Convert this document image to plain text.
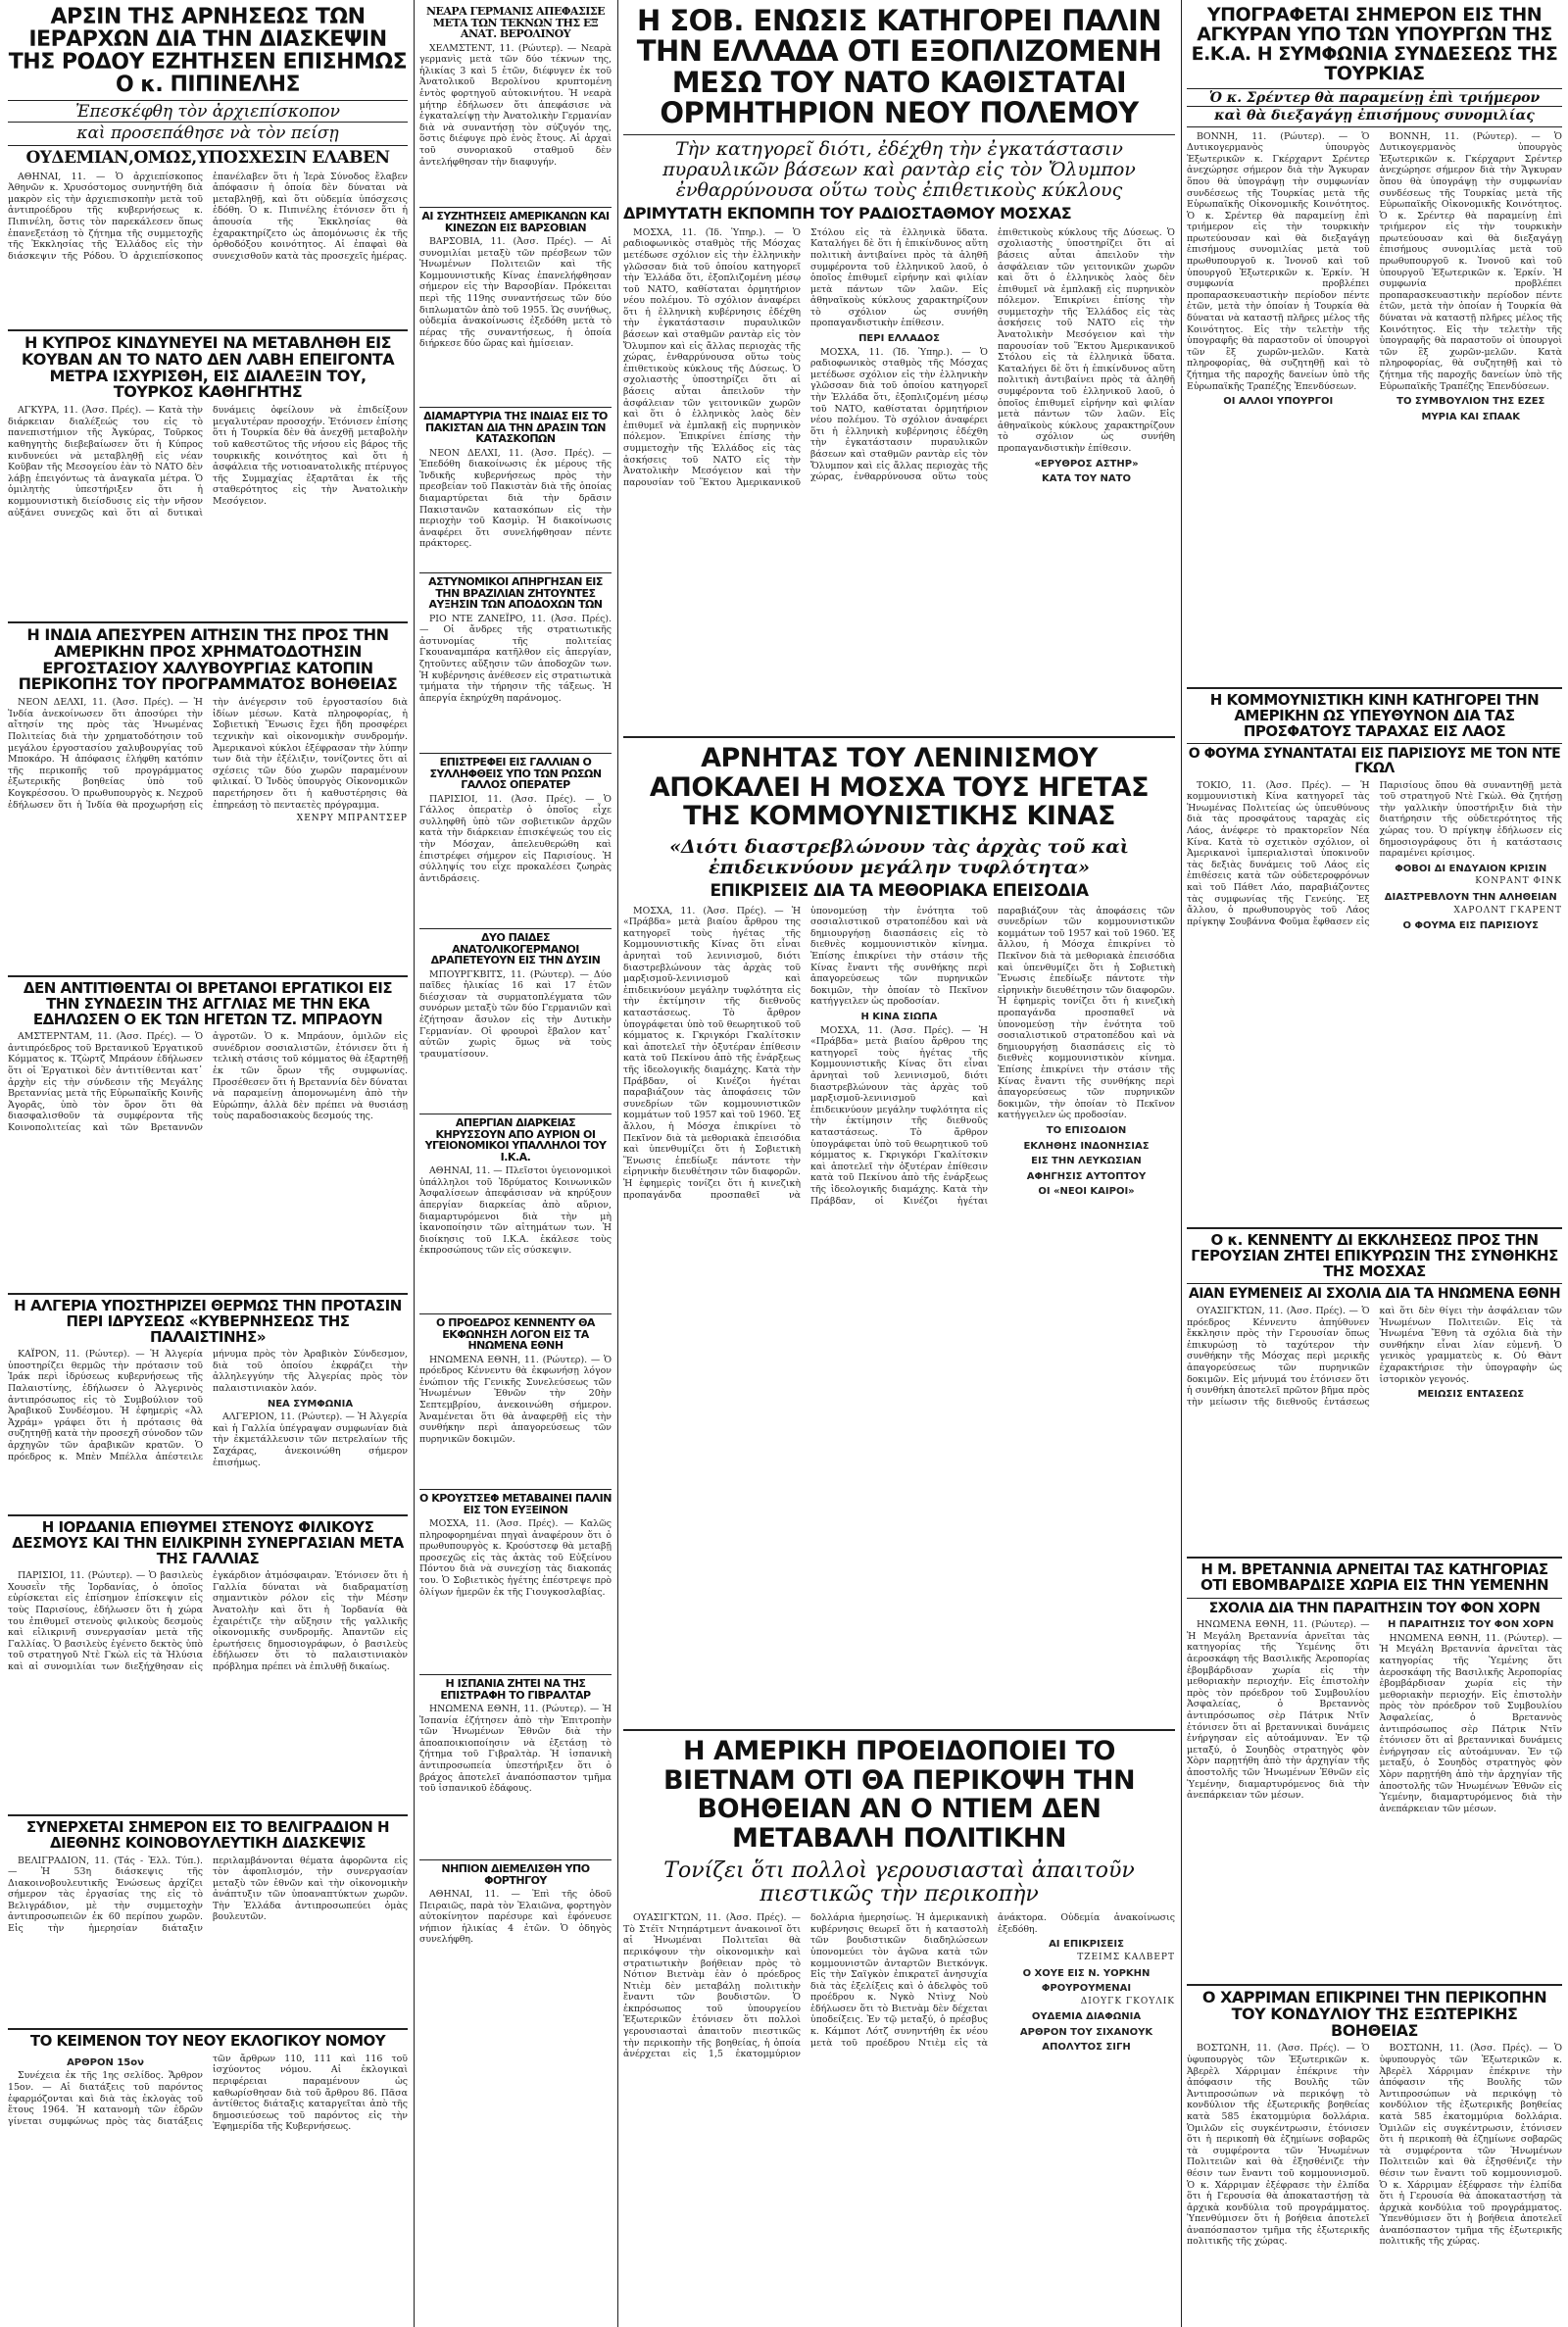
ΑΡΣΙΝ ΤΗΣ ΑΡΝΗΣΕΩΣ ΤΩΝ ΙΕΡΑΡΧΩΝ ΔΙΑ ΤΗΝ ΔΙΑΣΚΕΨΙΝ ΤΗΣ ΡΟΔΟΥ ΕΖΗΤΗΣΕΝ ΕΠΙΣΗΜΩΣ Ο κ. ΠΙΠΙΝΕΛΗΣ
Ἐπεσκέφθη τὸν ἀρχιεπίσκοπον
καὶ προσεπάθησε νὰ τὸν πείσῃ
ΟΥΔΕΜΙΑΝ,ΟΜΩΣ,ΥΠΟΣΧΕΣΙΝ ΕΛΑΒΕΝ

ΑΘΗΝΑΙ, 11. — Ὁ ἀρχιεπίσκοπος Ἀθηνῶν κ. Χρυσόστομος συνηντήθη διὰ μακρὸν εἰς τὴν ἀρχιεπισκοπὴν μετὰ τοῦ ἀντιπροέδρου τῆς κυβερνήσεως κ. Πιπινέλη, ὅστις τὸν παρεκάλεσεν ὅπως ἐπανεξετάσῃ τὸ ζήτημα τῆς συμμετοχῆς τῆς Ἐκκλησίας τῆς Ἑλλάδος εἰς τὴν διάσκεψιν τῆς Ρόδου. Ὁ ἀρχιεπίσκοπος ἐπανέλαβεν ὅτι ἡ Ἱερὰ Σύνοδος ἔλαβεν ἀπόφασιν ἡ ὁποία δὲν δύναται νὰ μεταβληθῇ, καὶ ὅτι οὐδεμία ὑπόσχεσις ἐδόθη. Ὁ κ. Πιπινέλης ἐτόνισεν ὅτι ἡ ἀπουσία τῆς Ἐκκλησίας θὰ ἐχαρακτηρίζετο ὡς ἀπομόνωσις ἐκ τῆς ὀρθοδόξου κοινότητος. Αἱ ἐπαφαὶ θὰ συνεχισθοῦν κατὰ τὰς προσεχεῖς ἡμέρας.

Η ΚΥΠΡΟΣ ΚΙΝΔΥΝΕΥΕΙ ΝΑ ΜΕΤΑΒΛΗΘΗ ΕΙΣ ΚΟΥΒΑΝ ΑΝ ΤΟ ΝΑΤΟ ΔΕΝ ΛΑΒΗ ΕΠΕΙΓΟΝΤΑ ΜΕΤΡΑ ΙΣΧΥΡΙΣΘΗ, ΕΙΣ ΔΙΑΛΕΞΙΝ ΤΟΥ, ΤΟΥΡΚΟΣ ΚΑΘΗΓΗΤΗΣ

ΑΓΚΥΡΑ, 11. (Ἀσσ. Πρές). — Κατὰ τὴν διάρκειαν διαλέξεώς του εἰς τὸ πανεπιστήμιον τῆς Ἀγκύρας, Τοῦρκος καθηγητὴς διεβεβαίωσεν ὅτι ἡ Κύπρος κινδυνεύει νὰ μεταβληθῇ εἰς νέαν Κοῦβαν τῆς Μεσογείου ἐὰν τὸ ΝΑΤΟ δὲν λάβῃ ἐπειγόντως τὰ ἀναγκαῖα μέτρα. Ὁ ὁμιλητὴς ὑπεστήριξεν ὅτι ἡ κομμουνιστικὴ διείσδυσις εἰς τὴν νῆσον αὐξάνει συνεχῶς καὶ ὅτι αἱ δυτικαὶ δυνάμεις ὀφείλουν νὰ ἐπιδείξουν μεγαλυτέραν προσοχήν. Ἐτόνισεν ἐπίσης ὅτι ἡ Τουρκία δὲν θὰ ἀνεχθῇ μεταβολὴν τοῦ καθεστῶτος τῆς νήσου εἰς βάρος τῆς τουρκικῆς κοινότητος καὶ ὅτι ἡ ἀσφάλεια τῆς νοτιοανατολικῆς πτέρυγος τῆς Συμμαχίας ἐξαρτᾶται ἐκ τῆς σταθερότητος εἰς τὴν Ἀνατολικὴν Μεσόγειον.

Η ΙΝΔΙΑ ΑΠΕΣΥΡΕΝ ΑΙΤΗΣΙΝ ΤΗΣ ΠΡΟΣ ΤΗΝ ΑΜΕΡΙΚΗΝ ΠΡΟΣ ΧΡΗΜΑΤΟΔΟΤΗΣΙΝ ΕΡΓΟΣΤΑΣΙΟΥ ΧΑΛΥΒΟΥΡΓΙΑΣ ΚΑΤΟΠΙΝ ΠΕΡΙΚΟΠΗΣ ΤΟΥ ΠΡΟΓΡΑΜΜΑΤΟΣ ΒΟΗΘΕΙΑΣ

ΝΕΟΝ ΔΕΛΧΙ, 11. (Ἀσσ. Πρές). — Ἡ Ἰνδία ἀνεκοίνωσεν ὅτι ἀποσύρει τὴν αἴτησίν της πρὸς τὰς Ἡνωμένας Πολιτείας διὰ τὴν χρηματοδότησιν τοῦ μεγάλου ἐργοστασίου χαλυβουργίας τοῦ Μποκάρο. Ἡ ἀπόφασις ἐλήφθη κατόπιν τῆς περικοπῆς τοῦ προγράμματος ἐξωτερικῆς βοηθείας ὑπὸ τοῦ Κογκρέσσου. Ὁ πρωθυπουργὸς κ. Νεχροῦ ἐδήλωσεν ὅτι ἡ Ἰνδία θὰ προχωρήσῃ εἰς τὴν ἀνέγερσιν τοῦ ἐργοστασίου διὰ ἰδίων μέσων. Κατὰ πληροφορίας, ἡ Σοβιετικὴ Ἕνωσις ἔχει ἤδη προσφέρει τεχνικὴν καὶ οἰκονομικὴν συνδρομήν. Ἀμερικανοὶ κύκλοι ἐξέφρασαν τὴν λύπην των διὰ τὴν ἐξέλιξιν, τονίζοντες ὅτι αἱ σχέσεις τῶν δύο χωρῶν παραμένουν φιλικαί. Ὁ Ἰνδὸς ὑπουργὸς Οἰκονομικῶν παρετήρησεν ὅτι ἡ καθυστέρησις θὰ ἐπηρεάσῃ τὸ πενταετὲς πρόγραμμα.

ΧΕΝΡΥ ΜΠΡΑΝΤΣΕΡ
ΔΕΝ ΑΝΤΙΤΙΘΕΝΤΑΙ ΟΙ ΒΡΕΤΑΝΟΙ ΕΡΓΑΤΙΚΟΙ ΕΙΣ ΤΗΝ ΣΥΝΔΕΣΙΝ ΤΗΣ ΑΓΓΛΙΑΣ ΜΕ ΤΗΝ ΕΚΑ ΕΔΗΛΩΣΕΝ Ο ΕΚ ΤΩΝ ΗΓΕΤΩΝ ΤΖ. ΜΠΡΑΟΥΝ

ΑΜΣΤΕΡΝΤΑΜ, 11. (Ἀσσ. Πρές). — Ὁ ἀντιπρόεδρος τοῦ Βρετανικοῦ Ἐργατικοῦ Κόμματος κ. Τζὼρτζ Μπράουν ἐδήλωσεν ὅτι οἱ Ἐργατικοὶ δὲν ἀντιτίθενται κατ᾽ ἀρχὴν εἰς τὴν σύνδεσιν τῆς Μεγάλης Βρεταννίας μετὰ τῆς Εὐρωπαϊκῆς Κοινῆς Ἀγορᾶς, ὑπὸ τὸν ὅρον ὅτι θὰ διασφαλισθοῦν τὰ συμφέροντα τῆς Κοινοπολιτείας καὶ τῶν Βρεταννῶν ἀγροτῶν. Ὁ κ. Μπράουν, ὁμιλῶν εἰς συνέδριον σοσιαλιστῶν, ἐτόνισεν ὅτι ἡ τελικὴ στάσις τοῦ κόμματος θὰ ἐξαρτηθῇ ἐκ τῶν ὅρων τῆς συμφωνίας. Προσέθεσεν ὅτι ἡ Βρεταννία δὲν δύναται νὰ παραμείνῃ ἀπομονωμένη ἀπὸ τὴν Εὐρώπην, ἀλλὰ δὲν πρέπει νὰ θυσιάσῃ τοὺς παραδοσιακοὺς δεσμούς της.

Η ΑΛΓΕΡΙΑ ΥΠΟΣΤΗΡΙΖΕΙ ΘΕΡΜΩΣ ΤΗΝ ΠΡΟΤΑΣΙΝ ΠΕΡΙ ΙΔΡΥΣΕΩΣ «ΚΥΒΕΡΝΗΣΕΩΣ ΤΗΣ ΠΑΛΑΙΣΤΙΝΗΣ»

ΚΑΪΡΟΝ, 11. (Ρώυτερ). — Ἡ Ἀλγερία ὑποστηρίζει θερμῶς τὴν πρότασιν τοῦ Ἰράκ περὶ ἱδρύσεως κυβερνήσεως τῆς Παλαιστίνης, ἐδήλωσεν ὁ Ἀλγερινὸς ἀντιπρόσωπος εἰς τὸ Συμβούλιον τοῦ Ἀραβικοῦ Συνδέσμου. Ἡ ἐφημερὶς «Ἀλ Ἀχράμ» γράφει ὅτι ἡ πρότασις θὰ συζητηθῇ κατὰ τὴν προσεχῆ σύνοδον τῶν ἀρχηγῶν τῶν ἀραβικῶν κρατῶν. Ὁ πρόεδρος κ. Μπὲν Μπέλλα ἀπέστειλε μήνυμα πρὸς τὸν Ἀραβικὸν Σύνδεσμον, διὰ τοῦ ὁποίου ἐκφράζει τὴν ἀλληλεγγύην τῆς Ἀλγερίας πρὸς τὸν παλαιστινιακὸν λαόν.

ΝΕΑ ΣΥΜΦΩΝΙΑ

ΑΛΓΕΡΙΟΝ, 11. (Ρώυτερ). — Ἡ Ἀλγερία καὶ ἡ Γαλλία ὑπέγραψαν συμφωνίαν διὰ τὴν ἐκμετάλλευσιν τῶν πετρελαίων τῆς Σαχάρας, ἀνεκοινώθη σήμερον ἐπισήμως.

Η ΙΟΡΔΑΝΙΑ ΕΠΙΘΥΜΕΙ ΣΤΕΝΟΥΣ ΦΙΛΙΚΟΥΣ ΔΕΣΜΟΥΣ ΚΑΙ ΤΗΝ ΕΙΛΙΚΡΙΝΗ ΣΥΝΕΡΓΑΣΙΑΝ ΜΕΤΑ ΤΗΣ ΓΑΛΛΙΑΣ

ΠΑΡΙΣΙΟΙ, 11. (Ρώυτερ). — Ὁ βασιλεὺς Χουσεῒν τῆς Ἰορδανίας, ὁ ὁποῖος εὑρίσκεται εἰς ἐπίσημον ἐπίσκεψιν εἰς τοὺς Παρισίους, ἐδήλωσεν ὅτι ἡ χώρα του ἐπιθυμεῖ στενοὺς φιλικοὺς δεσμοὺς καὶ εἰλικρινῆ συνεργασίαν μετὰ τῆς Γαλλίας. Ὁ βασιλεὺς ἐγένετο δεκτὸς ὑπὸ τοῦ στρατηγοῦ Ντὲ Γκὼλ εἰς τὰ Ἠλύσια καὶ αἱ συνομιλίαι των διεξήχθησαν εἰς ἐγκάρδιον ἀτμόσφαιραν. Ἐτόνισεν ὅτι ἡ Γαλλία δύναται νὰ διαδραματίσῃ σημαντικὸν ρόλον εἰς τὴν Μέσην Ἀνατολὴν καὶ ὅτι ἡ Ἰορδανία θὰ ἐχαιρέτιζε τὴν αὔξησιν τῆς γαλλικῆς οἰκονομικῆς συνδρομῆς. Ἀπαντῶν εἰς ἐρωτήσεις δημοσιογράφων, ὁ βασιλεὺς ἐδήλωσεν ὅτι τὸ παλαιστινιακὸν πρόβλημα πρέπει νὰ ἐπιλυθῇ δικαίως.

ΣΥΝΕΡΧΕΤΑΙ ΣΗΜΕΡΟΝ ΕΙΣ ΤΟ ΒΕΛΙΓΡΑΔΙΟΝ Η ΔΙΕΘΝΗΣ ΚΟΙΝΟΒΟΥΛΕΥΤΙΚΗ ΔΙΑΣΚΕΨΙΣ

ΒΕΛΙΓΡΑΔΙΟΝ, 11. (Τάς - Ἑλλ. Τύπ.). — Ἡ 53η διάσκεψις τῆς Διακοινοβουλευτικῆς Ἑνώσεως ἀρχίζει σήμερον τὰς ἐργασίας της εἰς τὸ Βελιγράδιον, μὲ τὴν συμμετοχὴν ἀντιπροσωπειῶν ἐκ 60 περίπου χωρῶν. Εἰς τὴν ἡμερησίαν διάταξιν περιλαμβάνονται θέματα ἀφορῶντα εἰς τὸν ἀφοπλισμόν, τὴν συνεργασίαν μεταξὺ τῶν ἐθνῶν καὶ τὴν οἰκονομικὴν ἀνάπτυξιν τῶν ὑποαναπτύκτων χωρῶν. Τὴν Ἑλλάδα ἀντιπροσωπεύει ὁμὰς βουλευτῶν.

ΤΟ ΚΕΙΜΕΝΟΝ ΤΟΥ ΝΕΟΥ ΕΚΛΟΓΙΚΟΥ ΝΟΜΟΥ
ΑΡΘΡΟΝ 15ον

Συνέχεια ἐκ τῆς 1ης σελίδος. Ἄρθρον 15ον. — Αἱ διατάξεις τοῦ παρόντος ἐφαρμόζονται καὶ διὰ τὰς ἐκλογὰς τοῦ ἔτους 1964. Ἡ κατανομὴ τῶν ἑδρῶν γίνεται συμφώνως πρὸς τὰς διατάξεις τῶν ἄρθρων 110, 111 καὶ 116 τοῦ ἰσχύοντος νόμου. Αἱ ἐκλογικαὶ περιφέρειαι παραμένουν ὡς καθωρίσθησαν διὰ τοῦ ἄρθρου 86. Πᾶσα ἀντίθετος διάταξις καταργεῖται ἀπὸ τῆς δημοσιεύσεως τοῦ παρόντος εἰς τὴν Ἐφημερίδα τῆς Κυβερνήσεως.

ΝΕΑΡΑ ΓΕΡΜΑΝΙΣ ΑΠΕΦΑΣΙΣΕ ΜΕΤΑ ΤΩΝ ΤΕΚΝΩΝ ΤΗΣ ΕΞ ΑΝΑΤ. ΒΕΡΟΛΙΝΟΥ

ΧΕΛΜΣΤΕΝΤ, 11. (Ρώυτερ). — Νεαρὰ γερμανὶς μετὰ τῶν δύο τέκνων της, ἡλικίας 3 καὶ 5 ἐτῶν, διέφυγεν ἐκ τοῦ Ἀνατολικοῦ Βερολίνου κρυπτομένη ἐντὸς φορτηγοῦ αὐτοκινήτου. Ἡ νεαρὰ μήτηρ ἐδήλωσεν ὅτι ἀπεφάσισε νὰ ἐγκαταλείψῃ τὴν Ἀνατολικὴν Γερμανίαν διὰ νὰ συναντήσῃ τὸν σύζυγόν της, ὅστις διέφυγε πρὸ ἑνὸς ἔτους. Αἱ ἀρχαὶ τοῦ συνοριακοῦ σταθμοῦ δὲν ἀντελήφθησαν τὴν διαφυγήν.

ΑΙ ΣΥΖΗΤΗΣΕΙΣ ΑΜΕΡΙΚΑΝΩΝ ΚΑΙ ΚΙΝΕΖΩΝ ΕΙΣ ΒΑΡΣΟΒΙΑΝ

ΒΑΡΣΟΒΙΑ, 11. (Ἀσσ. Πρές). — Αἱ συνομιλίαι μεταξὺ τῶν πρέσβεων τῶν Ἡνωμένων Πολιτειῶν καὶ τῆς Κομμουνιστικῆς Κίνας ἐπανελήφθησαν σήμερον εἰς τὴν Βαρσοβίαν. Πρόκειται περὶ τῆς 119ης συναντήσεως τῶν δύο διπλωματῶν ἀπὸ τοῦ 1955. Ὡς συνήθως, οὐδεμία ἀνακοίνωσις ἐξεδόθη μετὰ τὸ πέρας τῆς συναντήσεως, ἡ ὁποία διήρκεσε δύο ὥρας καὶ ἡμίσειαν.

ΔΙΑΜΑΡΤΥΡΙΑ ΤΗΣ ΙΝΔΙΑΣ ΕΙΣ ΤΟ ΠΑΚΙΣΤΑΝ ΔΙΑ ΤΗΝ ΔΡΑΣΙΝ ΤΩΝ ΚΑΤΑΣΚΟΠΩΝ

ΝΕΟΝ ΔΕΛΧΙ, 11. (Ἀσσ. Πρές). — Ἐπεδόθη διακοίνωσις ἐκ μέρους τῆς Ἰνδικῆς κυβερνήσεως πρὸς τὴν πρεσβείαν τοῦ Πακιστὰν διὰ τῆς ὁποίας διαμαρτύρεται διὰ τὴν δρᾶσιν Πακιστανῶν κατασκόπων εἰς τὴν περιοχὴν τοῦ Κασμὶρ. Ἡ διακοίνωσις ἀναφέρει ὅτι συνελήφθησαν πέντε πράκτορες.

ΑΣΤΥΝΟΜΙΚΟΙ ΑΠΗΡΓΗΣΑΝ ΕΙΣ ΤΗΝ ΒΡΑΖΙΛΙΑΝ ΖΗΤΟΥΝΤΕΣ ΑΥΞΗΣΙΝ ΤΩΝ ΑΠΟΔΟΧΩΝ ΤΩΝ

ΡΙΟ ΝΤΕ ΖΑΝΕΪΡΟ, 11. (Ἀσσ. Πρές). — Οἱ ἄνδρες τῆς στρατιωτικῆς ἀστυνομίας τῆς πολιτείας Γκουαναμπάρα κατῆλθον εἰς ἀπεργίαν, ζητοῦντες αὔξησιν τῶν ἀποδοχῶν των. Ἡ κυβέρνησις ἀνέθεσεν εἰς στρατιωτικὰ τμήματα τὴν τήρησιν τῆς τάξεως. Ἡ ἀπεργία ἐκηρύχθη παράνομος.

ΕΠΙΣΤΡΕΦΕΙ ΕΙΣ ΓΑΛΛΙΑΝ Ο ΣΥΛΛΗΦΘΕΙΣ ΥΠΟ ΤΩΝ ΡΩΣΩΝ ΓΑΛΛΟΣ ΟΠΕΡΑΤΕΡ

ΠΑΡΙΣΙΟΙ, 11. (Ἀσσ. Πρές). — Ὁ Γάλλος ὀπερατὲρ ὁ ὁποῖος εἶχε συλληφθῆ ὑπὸ τῶν σοβιετικῶν ἀρχῶν κατὰ τὴν διάρκειαν ἐπισκέψεώς του εἰς τὴν Μόσχαν, ἀπελευθερώθη καὶ ἐπιστρέφει σήμερον εἰς Παρισίους. Ἡ σύλληψίς του εἶχε προκαλέσει ζωηρὰς ἀντιδράσεις.

ΔΥΟ ΠΑΙΔΕΣ ΑΝΑΤΟΛΙΚΟΓΕΡΜΑΝΟΙ ΔΡΑΠΕΤΕΥΟΥΝ ΕΙΣ ΤΗΝ ΔΥΣΙΝ

ΜΠΟΥΡΓΚΒΙΤΣ, 11. (Ρώυτερ). — Δύο παῖδες ἡλικίας 16 καὶ 17 ἐτῶν διέσχισαν τὰ συρματοπλέγματα τῶν συνόρων μεταξὺ τῶν δύο Γερμανιῶν καὶ ἐζήτησαν ἄσυλον εἰς τὴν Δυτικὴν Γερμανίαν. Οἱ φρουροὶ ἔβαλον κατ᾽ αὐτῶν χωρὶς ὅμως νὰ τοὺς τραυματίσουν.

ΑΠΕΡΓΙΑΝ ΔΙΑΡΚΕΙΑΣ ΚΗΡΥΣΣΟΥΝ ΑΠΟ ΑΥΡΙΟΝ ΟΙ ΥΓΕΙΟΝΟΜΙΚΟΙ ΥΠΑΛΛΗΛΟΙ ΤΟΥ Ι.Κ.Α.

ΑΘΗΝΑΙ, 11. — Πλεῖστοι ὑγειονομικοὶ ὑπάλληλοι τοῦ Ἱδρύματος Κοινωνικῶν Ἀσφαλίσεων ἀπεφάσισαν νὰ κηρύξουν ἀπεργίαν διαρκείας ἀπὸ αὔριον, διαμαρτυρόμενοι διὰ τὴν μὴ ἱκανοποίησιν τῶν αἰτημάτων των. Ἡ διοίκησις τοῦ Ι.Κ.Α. ἐκάλεσε τοὺς ἐκπροσώπους τῶν εἰς σύσκεψιν.

Ο ΠΡΟΕΔΡΟΣ ΚΕΝΝΕΝΤΥ ΘΑ ΕΚΦΩΝΗΣΗ ΛΟΓΟΝ ΕΙΣ ΤΑ ΗΝΩΜΕΝΑ ΕΘΝΗ

ΗΝΩΜΕΝΑ ΕΘΝΗ, 11. (Ρώυτερ). — Ὁ πρόεδρος Κέννεντυ θὰ ἐκφωνήσῃ λόγον ἐνώπιον τῆς Γενικῆς Συνελεύσεως τῶν Ἡνωμένων Ἐθνῶν τὴν 20ὴν Σεπτεμβρίου, ἀνεκοινώθη σήμερον. Ἀναμένεται ὅτι θὰ ἀναφερθῇ εἰς τὴν συνθήκην περὶ ἀπαγορεύσεως τῶν πυρηνικῶν δοκιμῶν.

Ο ΚΡΟΥΣΤΣΕΦ ΜΕΤΑΒΑΙΝΕΙ ΠΑΛΙΝ ΕΙΣ ΤΟΝ ΕΥΞΕΙΝΟΝ

ΜΟΣΧΑ, 11. (Ἀσσ. Πρές). — Καλῶς πληροφορημέναι πηγαὶ ἀναφέρουν ὅτι ὁ πρωθυπουργὸς κ. Κρούστσεφ θὰ μεταβῇ προσεχῶς εἰς τὰς ἀκτὰς τοῦ Εὐξείνου Πόντου διὰ νὰ συνεχίσῃ τὰς διακοπάς του. Ὁ Σοβιετικὸς ἡγέτης ἐπέστρεψε πρὸ ὀλίγων ἡμερῶν ἐκ τῆς Γιουγκοσλαβίας.

Η ΙΣΠΑΝΙΑ ΖΗΤΕΙ ΝΑ ΤΗΣ ΕΠΙΣΤΡΑΦΗ ΤΟ ΓΙΒΡΑΛΤΑΡ

ΗΝΩΜΕΝΑ ΕΘΝΗ, 11. (Ρώυτερ). — Ἡ Ἱσπανία ἐζήτησεν ἀπὸ τὴν Ἐπιτροπὴν τῶν Ἡνωμένων Ἐθνῶν διὰ τὴν ἀποαποικιοποίησιν νὰ ἐξετάσῃ τὸ ζήτημα τοῦ Γιβραλτὰρ. Ἡ ἱσπανικὴ ἀντιπροσωπεία ὑπεστήριξεν ὅτι ὁ βράχος ἀποτελεῖ ἀναπόσπαστον τμῆμα τοῦ ἱσπανικοῦ ἐδάφους.

ΝΗΠΙΟΝ ΔΙΕΜΕΛΙΣΘΗ ΥΠΟ ΦΟΡΤΗΓΟΥ

ΑΘΗΝΑΙ, 11. — Ἐπὶ τῆς ὁδοῦ Πειραιῶς, παρὰ τὸν Ἐλαιῶνα, φορτηγὸν αὐτοκίνητον παρέσυρε καὶ ἐφόνευσε νήπιον ἡλικίας 4 ἐτῶν. Ὁ ὁδηγὸς συνελήφθη.

Η ΣΟΒ. ΕΝΩΣΙΣ ΚΑΤΗΓΟΡΕΙ ΠΑΛΙΝ ΤΗΝ ΕΛΛΑΔΑ ΟΤΙ ΕΞΟΠΛΙΖΟΜΕΝΗ ΜΕΣΩ ΤΟΥ ΝΑΤΟ ΚΑΘΙΣΤΑΤΑΙ ΟΡΜΗΤΗΡΙΟΝ ΝΕΟΥ ΠΟΛΕΜΟΥ
Τὴν κατηγορεῖ διότι, ἐδέχθη τὴν ἐγκατάστασιν πυραυλικῶν βάσεων καὶ ραντὰρ εἰς τὸν Ὄλυμπον ἐνθαρρύνουσα οὕτω τοὺς ἐπιθετικοὺς κύκλους
ΔΡΙΜΥΤΑΤΗ ΕΚΠΟΜΠΗ ΤΟΥ ΡΑΔΙΟΣΤΑΘΜΟΥ ΜΟΣΧΑΣ

ΜΟΣΧΑ, 11. (Ἰδ. Ὑπηρ.). — Ὁ ραδιοφωνικὸς σταθμὸς τῆς Μόσχας μετέδωσε σχόλιον εἰς τὴν ἑλληνικὴν γλῶσσαν διὰ τοῦ ὁποίου κατηγορεῖ τὴν Ἑλλάδα ὅτι, ἐξοπλιζομένη μέσῳ τοῦ ΝΑΤΟ, καθίσταται ὁρμητήριον νέου πολέμου. Τὸ σχόλιον ἀναφέρει ὅτι ἡ ἑλληνικὴ κυβέρνησις ἐδέχθη τὴν ἐγκατάστασιν πυραυλικῶν βάσεων καὶ σταθμῶν ραντὰρ εἰς τὸν Ὄλυμπον καὶ εἰς ἄλλας περιοχὰς τῆς χώρας, ἐνθαρρύνουσα οὕτω τοὺς ἐπιθετικοὺς κύκλους τῆς Δύσεως. Ὁ σχολιαστὴς ὑποστηρίζει ὅτι αἱ βάσεις αὗται ἀπειλοῦν τὴν ἀσφάλειαν τῶν γειτονικῶν χωρῶν καὶ ὅτι ὁ ἑλληνικὸς λαὸς δὲν ἐπιθυμεῖ νὰ ἐμπλακῇ εἰς πυρηνικὸν πόλεμον. Ἐπικρίνει ἐπίσης τὴν συμμετοχὴν τῆς Ἑλλάδος εἰς τὰς ἀσκήσεις τοῦ ΝΑΤΟ εἰς τὴν Ἀνατολικὴν Μεσόγειον καὶ τὴν παρουσίαν τοῦ Ἕκτου Ἀμερικανικοῦ Στόλου εἰς τὰ ἑλληνικὰ ὕδατα. Καταλήγει δὲ ὅτι ἡ ἐπικίνδυνος αὕτη πολιτικὴ ἀντιβαίνει πρὸς τὰ ἀληθῆ συμφέροντα τοῦ ἑλληνικοῦ λαοῦ, ὁ ὁποῖος ἐπιθυμεῖ εἰρήνην καὶ φιλίαν μετὰ πάντων τῶν λαῶν. Εἰς ἀθηναϊκοὺς κύκλους χαρακτηρίζουν τὸ σχόλιον ὡς συνήθη προπαγανδιστικὴν ἐπίθεσιν.

ΠΕΡΙ ΕΛΛΑΔΟΣ

ΜΟΣΧΑ, 11. (Ἰδ. Ὑπηρ.). — Ὁ ραδιοφωνικὸς σταθμὸς τῆς Μόσχας μετέδωσε σχόλιον εἰς τὴν ἑλληνικὴν γλῶσσαν διὰ τοῦ ὁποίου κατηγορεῖ τὴν Ἑλλάδα ὅτι, ἐξοπλιζομένη μέσῳ τοῦ ΝΑΤΟ, καθίσταται ὁρμητήριον νέου πολέμου. Τὸ σχόλιον ἀναφέρει ὅτι ἡ ἑλληνικὴ κυβέρνησις ἐδέχθη τὴν ἐγκατάστασιν πυραυλικῶν βάσεων καὶ σταθμῶν ραντὰρ εἰς τὸν Ὄλυμπον καὶ εἰς ἄλλας περιοχὰς τῆς χώρας, ἐνθαρρύνουσα οὕτω τοὺς ἐπιθετικοὺς κύκλους τῆς Δύσεως. Ὁ σχολιαστὴς ὑποστηρίζει ὅτι αἱ βάσεις αὗται ἀπειλοῦν τὴν ἀσφάλειαν τῶν γειτονικῶν χωρῶν καὶ ὅτι ὁ ἑλληνικὸς λαὸς δὲν ἐπιθυμεῖ νὰ ἐμπλακῇ εἰς πυρηνικὸν πόλεμον. Ἐπικρίνει ἐπίσης τὴν συμμετοχὴν τῆς Ἑλλάδος εἰς τὰς ἀσκήσεις τοῦ ΝΑΤΟ εἰς τὴν Ἀνατολικὴν Μεσόγειον καὶ τὴν παρουσίαν τοῦ Ἕκτου Ἀμερικανικοῦ Στόλου εἰς τὰ ἑλληνικὰ ὕδατα. Καταλήγει δὲ ὅτι ἡ ἐπικίνδυνος αὕτη πολιτικὴ ἀντιβαίνει πρὸς τὰ ἀληθῆ συμφέροντα τοῦ ἑλληνικοῦ λαοῦ, ὁ ὁποῖος ἐπιθυμεῖ εἰρήνην καὶ φιλίαν μετὰ πάντων τῶν λαῶν. Εἰς ἀθηναϊκοὺς κύκλους χαρακτηρίζουν τὸ σχόλιον ὡς συνήθη προπαγανδιστικὴν ἐπίθεσιν.

«ΕΡΥΘΡΟΣ ΑΣΤΗΡ»
ΚΑΤΑ ΤΟΥ ΝΑΤΟ
ΑΡΝΗΤΑΣ ΤΟΥ ΛΕΝΙΝΙΣΜΟΥ ΑΠΟΚΑΛΕΙ Η ΜΟΣΧΑ ΤΟΥΣ ΗΓΕΤΑΣ ΤΗΣ ΚΟΜΜΟΥΝΙΣΤΙΚΗΣ ΚΙΝΑΣ
«Διότι διαστρεβλώνουν τὰς ἀρχὰς τοῦ καὶ ἐπιδεικνύουν μεγάλην τυφλότητα»
ΕΠΙΚΡΙΣΕΙΣ ΔΙΑ ΤΑ ΜΕΘΟΡΙΑΚΑ ΕΠΕΙΣΟΔΙΑ

ΜΟΣΧΑ, 11. (Ἀσσ. Πρές). — Ἡ «Πράβδα» μετὰ βιαίου ἄρθρου της κατηγορεῖ τοὺς ἡγέτας τῆς Κομμουνιστικῆς Κίνας ὅτι εἶναι ἀρνηταὶ τοῦ λενινισμοῦ, διότι διαστρεβλώνουν τὰς ἀρχὰς τοῦ μαρξισμοῦ-λενινισμοῦ καὶ ἐπιδεικνύουν μεγάλην τυφλότητα εἰς τὴν ἐκτίμησιν τῆς διεθνοῦς καταστάσεως. Τὸ ἄρθρον ὑπογράφεται ὑπὸ τοῦ θεωρητικοῦ τοῦ κόμματος κ. Γκριγκόρι Γκαλίτσκιν καὶ ἀποτελεῖ τὴν ὀξυτέραν ἐπίθεσιν κατὰ τοῦ Πεκίνου ἀπὸ τῆς ἐνάρξεως τῆς ἰδεολογικῆς διαμάχης. Κατὰ τὴν Πράβδαν, οἱ Κινέζοι ἡγέται παραβιάζουν τὰς ἀποφάσεις τῶν συνεδρίων τῶν κομμουνιστικῶν κομμάτων τοῦ 1957 καὶ τοῦ 1960. Ἐξ ἄλλου, ἡ Μόσχα ἐπικρίνει τὸ Πεκῖνον διὰ τὰ μεθοριακὰ ἐπεισόδια καὶ ὑπενθυμίζει ὅτι ἡ Σοβιετικὴ Ἕνωσις ἐπεδίωξε πάντοτε τὴν εἰρηνικὴν διευθέτησιν τῶν διαφορῶν. Ἡ ἐφημερὶς τονίζει ὅτι ἡ κινεζικὴ προπαγάνδα προσπαθεῖ νὰ ὑπονομεύσῃ τὴν ἑνότητα τοῦ σοσιαλιστικοῦ στρατοπέδου καὶ νὰ δημιουργήσῃ διασπάσεις εἰς τὸ διεθνὲς κομμουνιστικὸν κίνημα. Ἐπίσης ἐπικρίνει τὴν στάσιν τῆς Κίνας ἔναντι τῆς συνθήκης περὶ ἀπαγορεύσεως τῶν πυρηνικῶν δοκιμῶν, τὴν ὁποίαν τὸ Πεκῖνον κατήγγειλεν ὡς προδοσίαν.

Η ΚΙΝΑ ΣΙΩΠΑ

ΜΟΣΧΑ, 11. (Ἀσσ. Πρές). — Ἡ «Πράβδα» μετὰ βιαίου ἄρθρου της κατηγορεῖ τοὺς ἡγέτας τῆς Κομμουνιστικῆς Κίνας ὅτι εἶναι ἀρνηταὶ τοῦ λενινισμοῦ, διότι διαστρεβλώνουν τὰς ἀρχὰς τοῦ μαρξισμοῦ-λενινισμοῦ καὶ ἐπιδεικνύουν μεγάλην τυφλότητα εἰς τὴν ἐκτίμησιν τῆς διεθνοῦς καταστάσεως. Τὸ ἄρθρον ὑπογράφεται ὑπὸ τοῦ θεωρητικοῦ τοῦ κόμματος κ. Γκριγκόρι Γκαλίτσκιν καὶ ἀποτελεῖ τὴν ὀξυτέραν ἐπίθεσιν κατὰ τοῦ Πεκίνου ἀπὸ τῆς ἐνάρξεως τῆς ἰδεολογικῆς διαμάχης. Κατὰ τὴν Πράβδαν, οἱ Κινέζοι ἡγέται παραβιάζουν τὰς ἀποφάσεις τῶν συνεδρίων τῶν κομμουνιστικῶν κομμάτων τοῦ 1957 καὶ τοῦ 1960. Ἐξ ἄλλου, ἡ Μόσχα ἐπικρίνει τὸ Πεκῖνον διὰ τὰ μεθοριακὰ ἐπεισόδια καὶ ὑπενθυμίζει ὅτι ἡ Σοβιετικὴ Ἕνωσις ἐπεδίωξε πάντοτε τὴν εἰρηνικὴν διευθέτησιν τῶν διαφορῶν. Ἡ ἐφημερὶς τονίζει ὅτι ἡ κινεζικὴ προπαγάνδα προσπαθεῖ νὰ ὑπονομεύσῃ τὴν ἑνότητα τοῦ σοσιαλιστικοῦ στρατοπέδου καὶ νὰ δημιουργήσῃ διασπάσεις εἰς τὸ διεθνὲς κομμουνιστικὸν κίνημα. Ἐπίσης ἐπικρίνει τὴν στάσιν τῆς Κίνας ἔναντι τῆς συνθήκης περὶ ἀπαγορεύσεως τῶν πυρηνικῶν δοκιμῶν, τὴν ὁποίαν τὸ Πεκῖνον κατήγγειλεν ὡς προδοσίαν.

ΤΟ ΕΠΙΣΟΔΙΟΝ
ΕΚΛΗΘΗΣ ΙΝΔΟΝΗΣΙΑΣ
ΕΙΣ ΤΗΝ ΛΕΥΚΩΣΙΑΝ
ΑΦΗΓΗΣΙΣ ΑΥΤΟΠΤΟΥ
ΟΙ «ΝΕΟΙ ΚΑΙΡΟΙ»
Η ΑΜΕΡΙΚΗ ΠΡΟΕΙΔΟΠΟΙΕΙ ΤΟ ΒΙΕΤΝΑΜ ΟΤΙ ΘΑ ΠΕΡΙΚΟΨΗ ΤΗΝ ΒΟΗΘΕΙΑΝ ΑΝ Ο ΝΤΙΕΜ ΔΕΝ ΜΕΤΑΒΑΛΗ ΠΟΛΙΤΙΚΗΝ
Τονίζει ὅτι πολλοὶ γερουσιασταὶ ἀπαιτοῦν πιεστικῶς τὴν περικοπὴν

ΟΥΑΣΙΓΚΤΩΝ, 11. (Ἀσσ. Πρές). — Τὸ Στέϊτ Ντηπάρτμεντ ἀνακοινοῖ ὅτι αἱ Ἡνωμέναι Πολιτεῖαι θὰ περικόψουν τὴν οἰκονομικὴν καὶ στρατιωτικὴν βοήθειαν πρὸς τὸ Νότιον Βιετνὰμ ἐὰν ὁ πρόεδρος Ντιὲμ δὲν μεταβάλῃ πολιτικὴν ἔναντι τῶν βουδιστῶν. Ὁ ἐκπρόσωπος τοῦ ὑπουργείου Ἐξωτερικῶν ἐτόνισεν ὅτι πολλοὶ γερουσιασταὶ ἀπαιτοῦν πιεστικῶς τὴν περικοπὴν τῆς βοηθείας, ἡ ὁποία ἀνέρχεται εἰς 1,5 ἑκατομμύριον δολλάρια ἡμερησίως. Ἡ ἀμερικανικὴ κυβέρνησις θεωρεῖ ὅτι ἡ καταστολὴ τῶν βουδιστικῶν διαδηλώσεων ὑπονομεύει τὸν ἀγῶνα κατὰ τῶν κομμουνιστῶν ἀνταρτῶν Βιετκόνγκ. Εἰς τὴν Σαϊγκὸν ἐπικρατεῖ ἀνησυχία διὰ τὰς ἐξελίξεις καὶ ὁ ἀδελφὸς τοῦ προέδρου κ. Νγκὸ Ντὶνχ Νοὺ ἐδήλωσεν ὅτι τὸ Βιετνὰμ δὲν δέχεται ὑποδείξεις. Ἐν τῷ μεταξύ, ὁ πρέσβυς κ. Κάμποτ Λότζ συνηντήθη ἐκ νέου μετὰ τοῦ προέδρου Ντιὲμ εἰς τὰ ἀνάκτορα. Οὐδεμία ἀνακοίνωσις ἐξεδόθη.

ΑΙ ΕΠΙΚΡΙΣΕΙΣ
ΤΖΕΙΜΣ ΚΑΛΒΕΡΤ
Ο ΧΟΥΕ ΕΙΣ Ν. ΥΟΡΚΗΝ
ΦΡΟΥΡΟΥΜΕΝΑΙ
ΔΙΟΥΓΚ ΓΚΟΥΛΙΚ
ΟΥΔΕΜΙΑ ΔΙΑΦΩΝΙΑ
ΑΡΘΡΟΝ ΤΟΥ ΣΙΧΑΝΟΥΚ
ΑΠΟΛΥΤΟΣ ΣΙΓΗ
ΥΠΟΓΡΑΦΕΤΑΙ ΣΗΜΕΡΟΝ ΕΙΣ ΤΗΝ ΑΓΚΥΡΑΝ ΥΠΟ ΤΩΝ ΥΠΟΥΡΓΩΝ ΤΗΣ Ε.Κ.Α. Η ΣΥΜΦΩΝΙΑ ΣΥΝΔΕΣΕΩΣ ΤΗΣ ΤΟΥΡΚΙΑΣ
Ὁ κ. Σρέντερ θὰ παραμείνῃ ἐπὶ τριήμερον
καὶ θὰ διεξαγάγῃ ἐπισήμους συνομιλίας

ΒΟΝΝΗ, 11. (Ρώυτερ). — Ὁ Δυτικογερμανὸς ὑπουργὸς Ἐξωτερικῶν κ. Γκέρχαρντ Σρέντερ ἀνεχώρησε σήμερον διὰ τὴν Ἄγκυραν ὅπου θὰ ὑπογράψῃ τὴν συμφωνίαν συνδέσεως τῆς Τουρκίας μετὰ τῆς Εὐρωπαϊκῆς Οἰκονομικῆς Κοινότητος. Ὁ κ. Σρέντερ θὰ παραμείνῃ ἐπὶ τριήμερον εἰς τὴν τουρκικὴν πρωτεύουσαν καὶ θὰ διεξαγάγῃ ἐπισήμους συνομιλίας μετὰ τοῦ πρωθυπουργοῦ κ. Ἰνονοῦ καὶ τοῦ ὑπουργοῦ Ἐξωτερικῶν κ. Ἐρκίν. Ἡ συμφωνία προβλέπει προπαρασκευαστικὴν περίοδον πέντε ἐτῶν, μετὰ τὴν ὁποίαν ἡ Τουρκία θὰ δύναται νὰ καταστῇ πλῆρες μέλος τῆς Κοινότητος. Εἰς τὴν τελετὴν τῆς ὑπογραφῆς θὰ παραστοῦν οἱ ὑπουργοὶ τῶν ἓξ χωρῶν-μελῶν. Κατὰ πληροφορίας, θὰ συζητηθῇ καὶ τὸ ζήτημα τῆς παροχῆς δανείων ὑπὸ τῆς Εὐρωπαϊκῆς Τραπέζης Ἐπενδύσεων.

ΟΙ ΑΛΛΟΙ ΥΠΟΥΡΓΟΙ

ΒΟΝΝΗ, 11. (Ρώυτερ). — Ὁ Δυτικογερμανὸς ὑπουργὸς Ἐξωτερικῶν κ. Γκέρχαρντ Σρέντερ ἀνεχώρησε σήμερον διὰ τὴν Ἄγκυραν ὅπου θὰ ὑπογράψῃ τὴν συμφωνίαν συνδέσεως τῆς Τουρκίας μετὰ τῆς Εὐρωπαϊκῆς Οἰκονομικῆς Κοινότητος. Ὁ κ. Σρέντερ θὰ παραμείνῃ ἐπὶ τριήμερον εἰς τὴν τουρκικὴν πρωτεύουσαν καὶ θὰ διεξαγάγῃ ἐπισήμους συνομιλίας μετὰ τοῦ πρωθυπουργοῦ κ. Ἰνονοῦ καὶ τοῦ ὑπουργοῦ Ἐξωτερικῶν κ. Ἐρκίν. Ἡ συμφωνία προβλέπει προπαρασκευαστικὴν περίοδον πέντε ἐτῶν, μετὰ τὴν ὁποίαν ἡ Τουρκία θὰ δύναται νὰ καταστῇ πλῆρες μέλος τῆς Κοινότητος. Εἰς τὴν τελετὴν τῆς ὑπογραφῆς θὰ παραστοῦν οἱ ὑπουργοὶ τῶν ἓξ χωρῶν-μελῶν. Κατὰ πληροφορίας, θὰ συζητηθῇ καὶ τὸ ζήτημα τῆς παροχῆς δανείων ὑπὸ τῆς Εὐρωπαϊκῆς Τραπέζης Ἐπενδύσεων.

ΤΟ ΣΥΜΒΟΥΛΙΟΝ ΤΗΣ ΕΖΕΣ
ΜΥΡΙΑ ΚΑΙ ΣΠΑΑΚ
Η ΚΟΜΜΟΥΝΙΣΤΙΚΗ ΚΙΝΗ ΚΑΤΗΓΟΡΕΙ ΤΗΝ ΑΜΕΡΙΚΗΝ ΩΣ ΥΠΕΥΘΥΝΟΝ ΔΙΑ ΤΑΣ ΠΡΟΣΦΑΤΟΥΣ ΤΑΡΑΧΑΣ ΕΙΣ ΛΑΟΣ
Ο ΦΟΥΜΑ ΣΥΝΑΝΤΑΤΑΙ ΕΙΣ ΠΑΡΙΣΙΟΥΣ ΜΕ ΤΟΝ ΝΤΕ ΓΚΩΛ

ΤΟΚΙΟ, 11. (Ἀσσ. Πρές). — Ἡ κομμουνιστικὴ Κίνα κατηγορεῖ τὰς Ἡνωμένας Πολιτείας ὡς ὑπευθύνους διὰ τὰς προσφάτους ταραχὰς εἰς Λάος, ἀνέφερε τὸ πρακτορεῖον Νέα Κίνα. Κατὰ τὸ σχετικὸν σχόλιον, οἱ Ἀμερικανοὶ ἱμπεριαλισταὶ ὑποκινοῦν τὰς δεξιὰς δυνάμεις τοῦ Λάος εἰς ἐπιθέσεις κατὰ τῶν οὐδετεροφρόνων καὶ τοῦ Πάθετ Λάο, παραβιάζοντες τὰς συμφωνίας τῆς Γενεύης. Ἐξ ἄλλου, ὁ πρωθυπουργὸς τοῦ Λάος πρίγκηψ Σουβάννα Φοῦμα ἔφθασεν εἰς Παρισίους ὅπου θὰ συναντηθῇ μετὰ τοῦ στρατηγοῦ Ντὲ Γκὼλ. Θὰ ζητήσῃ τὴν γαλλικὴν ὑποστήριξιν διὰ τὴν διατήρησιν τῆς οὐδετερότητος τῆς χώρας του. Ὁ πρίγκηψ ἐδήλωσεν εἰς δημοσιογράφους ὅτι ἡ κατάστασις παραμένει κρίσιμος.

ΦΟΒΟΙ ΔΙ ΕΝΔΥΑΙΟΝ ΚΡΙΣΙΝ
ΚΟΝΡΑΝΤ ΦΙΝΚ
ΔΙΑΣΤΡΕΒΛΟΥΝ ΤΗΝ ΑΛΗΘΕΙΑΝ
ΧΑΡΟΛΝΤ ΓΚΑΡΕΝΤ
Ο ΦΟΥΜΑ ΕΙΣ ΠΑΡΙΣΙΟΥΣ
Ο κ. ΚΕΝΝΕΝΤΥ ΔΙ ΕΚΚΛΗΣΕΩΣ ΠΡΟΣ ΤΗΝ ΓΕΡΟΥΣΙΑΝ ΖΗΤΕΙ ΕΠΙΚΥΡΩΣΙΝ ΤΗΣ ΣΥΝΘΗΚΗΣ ΤΗΣ ΜΟΣΧΑΣ
ΑΙΑΝ ΕΥΜΕΝΕΙΣ ΑΙ ΣΧΟΛΙΑ ΔΙΑ ΤΑ ΗΝΩΜΕΝΑ ΕΘΝΗ

ΟΥΑΣΙΓΚΤΩΝ, 11. (Ἀσσ. Πρές). — Ὁ πρόεδρος Κέννεντυ ἀπηύθυνεν ἔκκλησιν πρὸς τὴν Γερουσίαν ὅπως ἐπικυρώσῃ τὸ ταχύτερον τὴν συνθήκην τῆς Μόσχας περὶ μερικῆς ἀπαγορεύσεως τῶν πυρηνικῶν δοκιμῶν. Εἰς μήνυμά του ἐτόνισεν ὅτι ἡ συνθήκη ἀποτελεῖ πρῶτον βῆμα πρὸς τὴν μείωσιν τῆς διεθνοῦς ἐντάσεως καὶ ὅτι δὲν θίγει τὴν ἀσφάλειαν τῶν Ἡνωμένων Πολιτειῶν. Εἰς τὰ Ἡνωμένα Ἔθνη τὰ σχόλια διὰ τὴν συνθήκην εἶναι λίαν εὐμενῆ. Ὁ γενικὸς γραμματεὺς κ. Οὐ Θὰντ ἐχαρακτήρισε τὴν ὑπογραφὴν ὡς ἱστορικὸν γεγονός.

ΜΕΙΩΣΙΣ ΕΝΤΑΣΕΩΣ
Η Μ. ΒΡΕΤΑΝΝΙΑ ΑΡΝΕΙΤΑΙ ΤΑΣ ΚΑΤΗΓΟΡΙΑΣ ΟΤΙ ΕΒΟΜΒΑΡΔΙΣΕ ΧΩΡΙΑ ΕΙΣ ΤΗΝ ΥΕΜΕΝΗΝ
ΣΧΟΛΙΑ ΔΙΑ ΤΗΝ ΠΑΡΑΙΤΗΣΙΝ ΤΟΥ ΦΟΝ ΧΟΡΝ

ΗΝΩΜΕΝΑ ΕΘΝΗ, 11. (Ρώυτερ). — Ἡ Μεγάλη Βρεταννία ἀρνεῖται τὰς κατηγορίας τῆς Ὑεμένης ὅτι ἀεροσκάφη τῆς Βασιλικῆς Ἀεροπορίας ἐβομβάρδισαν χωρία εἰς τὴν μεθοριακὴν περιοχήν. Εἰς ἐπιστολὴν πρὸς τὸν πρόεδρον τοῦ Συμβουλίου Ἀσφαλείας, ὁ Βρεταννὸς ἀντιπρόσωπος σὲρ Πάτρικ Ντῖν ἐτόνισεν ὅτι αἱ βρεταννικαὶ δυνάμεις ἐνήργησαν εἰς αὐτοάμυναν. Ἐν τῷ μεταξύ, ὁ Σουηδὸς στρατηγὸς φὸν Χὸρν παρῃτήθη ἀπὸ τὴν ἀρχηγίαν τῆς ἀποστολῆς τῶν Ἡνωμένων Ἐθνῶν εἰς Ὑεμένην, διαμαρτυρόμενος διὰ τὴν ἀνεπάρκειαν τῶν μέσων.

Η ΠΑΡΑΙΤΗΣΙΣ ΤΟΥ ΦΟΝ ΧΟΡΝ

ΗΝΩΜΕΝΑ ΕΘΝΗ, 11. (Ρώυτερ). — Ἡ Μεγάλη Βρεταννία ἀρνεῖται τὰς κατηγορίας τῆς Ὑεμένης ὅτι ἀεροσκάφη τῆς Βασιλικῆς Ἀεροπορίας ἐβομβάρδισαν χωρία εἰς τὴν μεθοριακὴν περιοχήν. Εἰς ἐπιστολὴν πρὸς τὸν πρόεδρον τοῦ Συμβουλίου Ἀσφαλείας, ὁ Βρεταννὸς ἀντιπρόσωπος σὲρ Πάτρικ Ντῖν ἐτόνισεν ὅτι αἱ βρεταννικαὶ δυνάμεις ἐνήργησαν εἰς αὐτοάμυναν. Ἐν τῷ μεταξύ, ὁ Σουηδὸς στρατηγὸς φὸν Χὸρν παρῃτήθη ἀπὸ τὴν ἀρχηγίαν τῆς ἀποστολῆς τῶν Ἡνωμένων Ἐθνῶν εἰς Ὑεμένην, διαμαρτυρόμενος διὰ τὴν ἀνεπάρκειαν τῶν μέσων.

Ο ΧΑΡΡΙΜΑΝ ΕΠΙΚΡΙΝΕΙ ΤΗΝ ΠΕΡΙΚΟΠΗΝ ΤΟΥ ΚΟΝΔΥΛΙΟΥ ΤΗΣ ΕΞΩΤΕΡΙΚΗΣ ΒΟΗΘΕΙΑΣ

ΒΟΣΤΩΝΗ, 11. (Ἀσσ. Πρές). — Ὁ ὑφυπουργὸς τῶν Ἐξωτερικῶν κ. Ἀβερὲλ Χάρριμαν ἐπέκρινε τὴν ἀπόφασιν τῆς Βουλῆς τῶν Ἀντιπροσώπων νὰ περικόψῃ τὸ κονδύλιον τῆς ἐξωτερικῆς βοηθείας κατὰ 585 ἑκατομμύρια δολλάρια. Ὁμιλῶν εἰς συγκέντρωσιν, ἐτόνισεν ὅτι ἡ περικοπὴ θὰ ἐζημίωνε σοβαρῶς τὰ συμφέροντα τῶν Ἡνωμένων Πολιτειῶν καὶ θὰ ἐξησθένιζε τὴν θέσιν των ἔναντι τοῦ κομμουνισμοῦ. Ὁ κ. Χάρριμαν ἐξέφρασε τὴν ἐλπίδα ὅτι ἡ Γερουσία θὰ ἀποκαταστήσῃ τὰ ἀρχικὰ κονδύλια τοῦ προγράμματος. Ὑπενθύμισεν ὅτι ἡ βοήθεια ἀποτελεῖ ἀναπόσπαστον τμῆμα τῆς ἐξωτερικῆς πολιτικῆς τῆς χώρας.

ΒΟΣΤΩΝΗ, 11. (Ἀσσ. Πρές). — Ὁ ὑφυπουργὸς τῶν Ἐξωτερικῶν κ. Ἀβερὲλ Χάρριμαν ἐπέκρινε τὴν ἀπόφασιν τῆς Βουλῆς τῶν Ἀντιπροσώπων νὰ περικόψῃ τὸ κονδύλιον τῆς ἐξωτερικῆς βοηθείας κατὰ 585 ἑκατομμύρια δολλάρια. Ὁμιλῶν εἰς συγκέντρωσιν, ἐτόνισεν ὅτι ἡ περικοπὴ θὰ ἐζημίωνε σοβαρῶς τὰ συμφέροντα τῶν Ἡνωμένων Πολιτειῶν καὶ θὰ ἐξησθένιζε τὴν θέσιν των ἔναντι τοῦ κομμουνισμοῦ. Ὁ κ. Χάρριμαν ἐξέφρασε τὴν ἐλπίδα ὅτι ἡ Γερουσία θὰ ἀποκαταστήσῃ τὰ ἀρχικὰ κονδύλια τοῦ προγράμματος. Ὑπενθύμισεν ὅτι ἡ βοήθεια ἀποτελεῖ ἀναπόσπαστον τμῆμα τῆς ἐξωτερικῆς πολιτικῆς τῆς χώρας.
